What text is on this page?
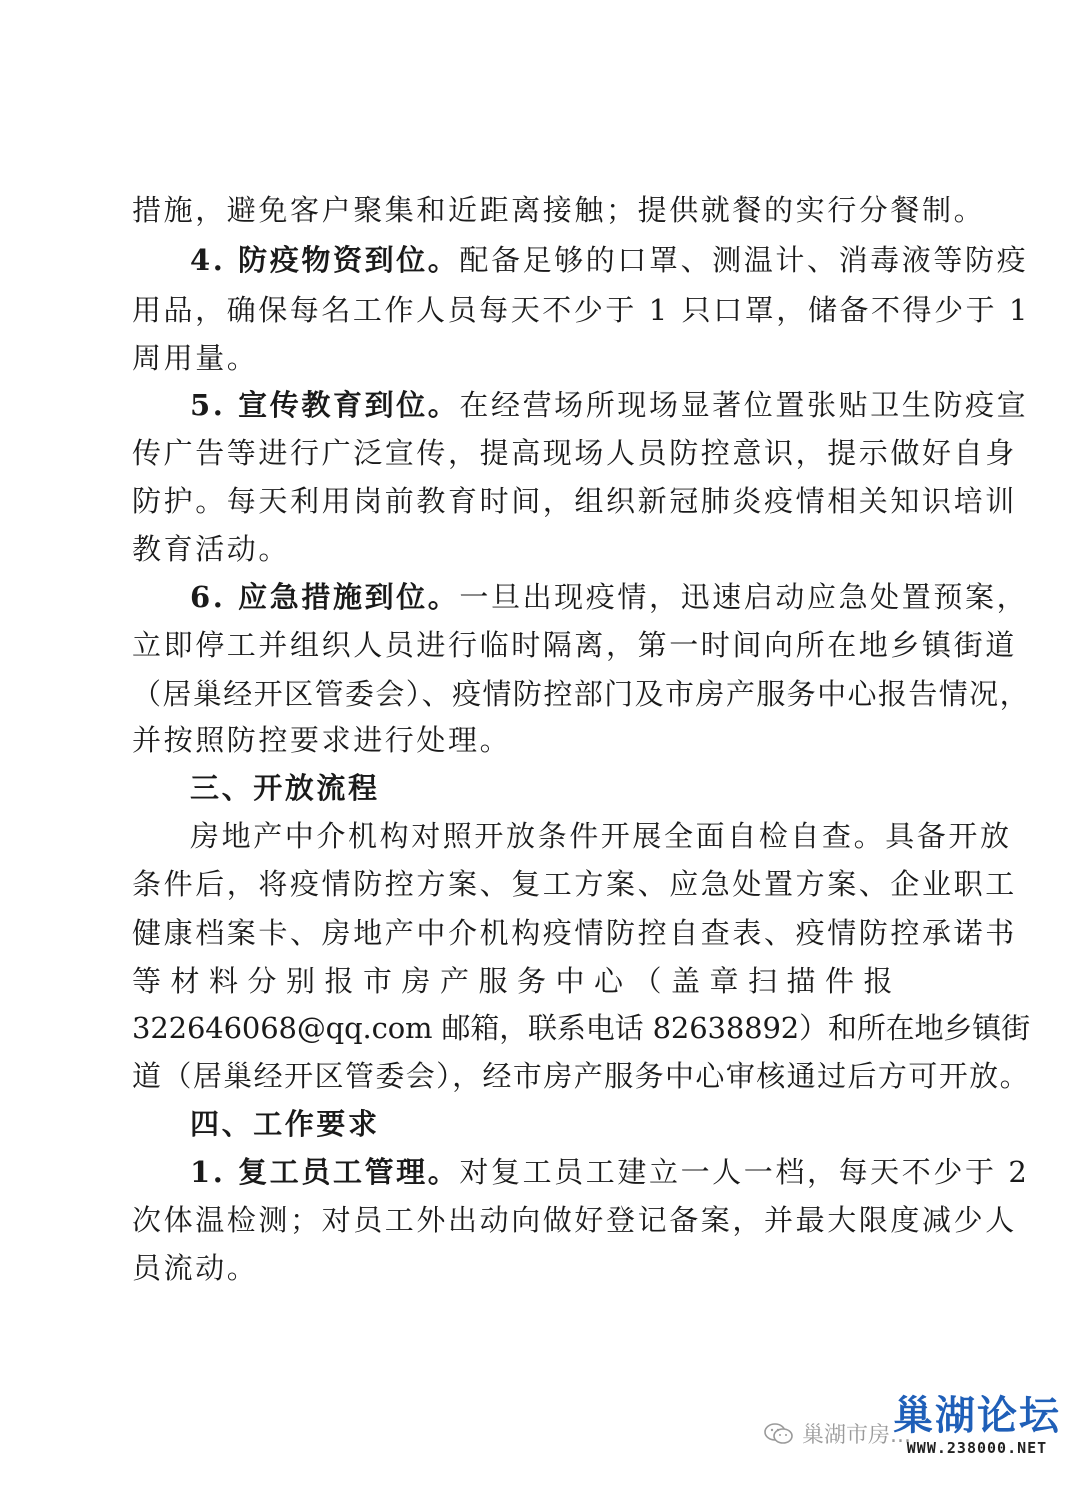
措施，避免客户聚集和近距离接触；提供就餐的实行分餐制。
4. 防疫物资到位。配备足够的口罩、测温计、消毒液等防疫
用品，确保每名工作人员每天不少于 1 只口罩，储备不得少于 1
周用量。
5. 宣传教育到位。在经营场所现场显著位置张贴卫生防疫宣
传广告等进行广泛宣传，提高现场人员防控意识，提示做好自身
防护。每天利用岗前教育时间，组织新冠肺炎疫情相关知识培训
教育活动。
6. 应急措施到位。一旦出现疫情，迅速启动应急处置预案，
立即停工并组织人员进行临时隔离，第一时间向所在地乡镇街道
（居巢经开区管委会）、疫情防控部门及市房产服务中心报告情况，
并按照防控要求进行处理。
三、开放流程
房地产中介机构对照开放条件开展全面自检自查。具备开放
条件后，将疫情防控方案、复工方案、应急处置方案、企业职工
健康档案卡、房地产中介机构疫情防控自查表、疫情防控承诺书
等材料分别报市房产服务中心（盖章扫描件报
322646068@qq.com 邮箱，联系电话 82638892）和所在地乡镇街
道（居巢经开区管委会），经市房产服务中心审核通过后方可开放。
四、工作要求
1. 复工员工管理。对复工员工建立一人一档，每天不少于 2
次体温检测；对员工外出动向做好登记备案，并最大限度减少人
员流动。
巢湖市房...
巢湖论坛
WWW.238000.NET
